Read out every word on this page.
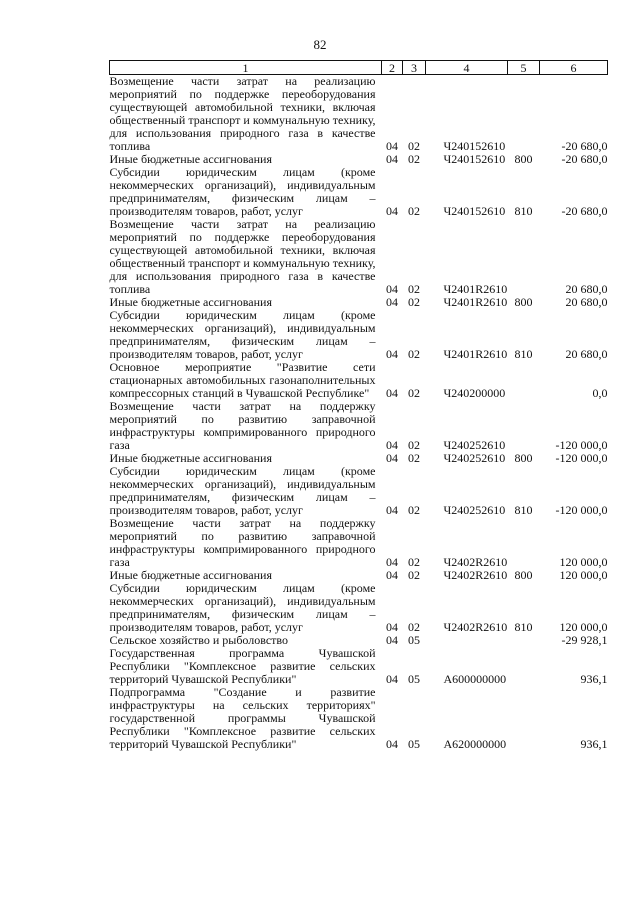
82
1	2	3	4	5	6
Возмещение части затрат на реализацию мероприятий по поддержке переоборудования существующей автомобильной техники, включая общественный транспорт и коммунальную технику, для использования природного газа в качестве топлива	04	02	Ч240152610		-20 680,0
Иные бюджетные ассигнования	04	02	Ч240152610	800	-20 680,0
Субсидии юридическим лицам (кроме некоммерческих организаций), индивидуальным предпринимателям, физическим лицам – производителям товаров, работ, услуг	04	02	Ч240152610	810	-20 680,0
Возмещение части затрат на реализацию мероприятий по поддержке переоборудования существующей автомобильной техники, включая общественный транспорт и коммунальную технику, для использования природного газа в качестве топлива	04	02	Ч2401R2610		20 680,0
Иные бюджетные ассигнования	04	02	Ч2401R2610	800	20 680,0
Субсидии юридическим лицам (кроме некоммерческих организаций), индивидуальным предпринимателям, физическим лицам – производителям товаров, работ, услуг	04	02	Ч2401R2610	810	20 680,0
Основное мероприятие "Развитие сети стационарных автомобильных газонаполнительных компрессорных станций в Чувашской Республике"	04	02	Ч240200000		0,0
Возмещение части затрат на поддержку мероприятий по развитию заправочной инфраструктуры компримированного природного газа	04	02	Ч240252610		-120 000,0
Иные бюджетные ассигнования	04	02	Ч240252610	800	-120 000,0
Субсидии юридическим лицам (кроме некоммерческих организаций), индивидуальным предпринимателям, физическим лицам – производителям товаров, работ, услуг	04	02	Ч240252610	810	-120 000,0
Возмещение части затрат на поддержку мероприятий по развитию заправочной инфраструктуры компримированного природного газа	04	02	Ч2402R2610		120 000,0
Иные бюджетные ассигнования	04	02	Ч2402R2610	800	120 000,0
Субсидии юридическим лицам (кроме некоммерческих организаций), индивидуальным предпринимателям, физическим лицам – производителям товаров, работ, услуг	04	02	Ч2402R2610	810	120 000,0
Сельское хозяйство и рыболовство	04	05			-29 928,1
Государственная программа Чувашской Республики "Комплексное развитие сельских территорий Чувашской Республики"	04	05	А600000000		936,1
Подпрограмма "Создание и развитие инфраструктуры на сельских территориях" государственной программы Чувашской Республики "Комплексное развитие сельских территорий Чувашской Республики"	04	05	А620000000		936,1
